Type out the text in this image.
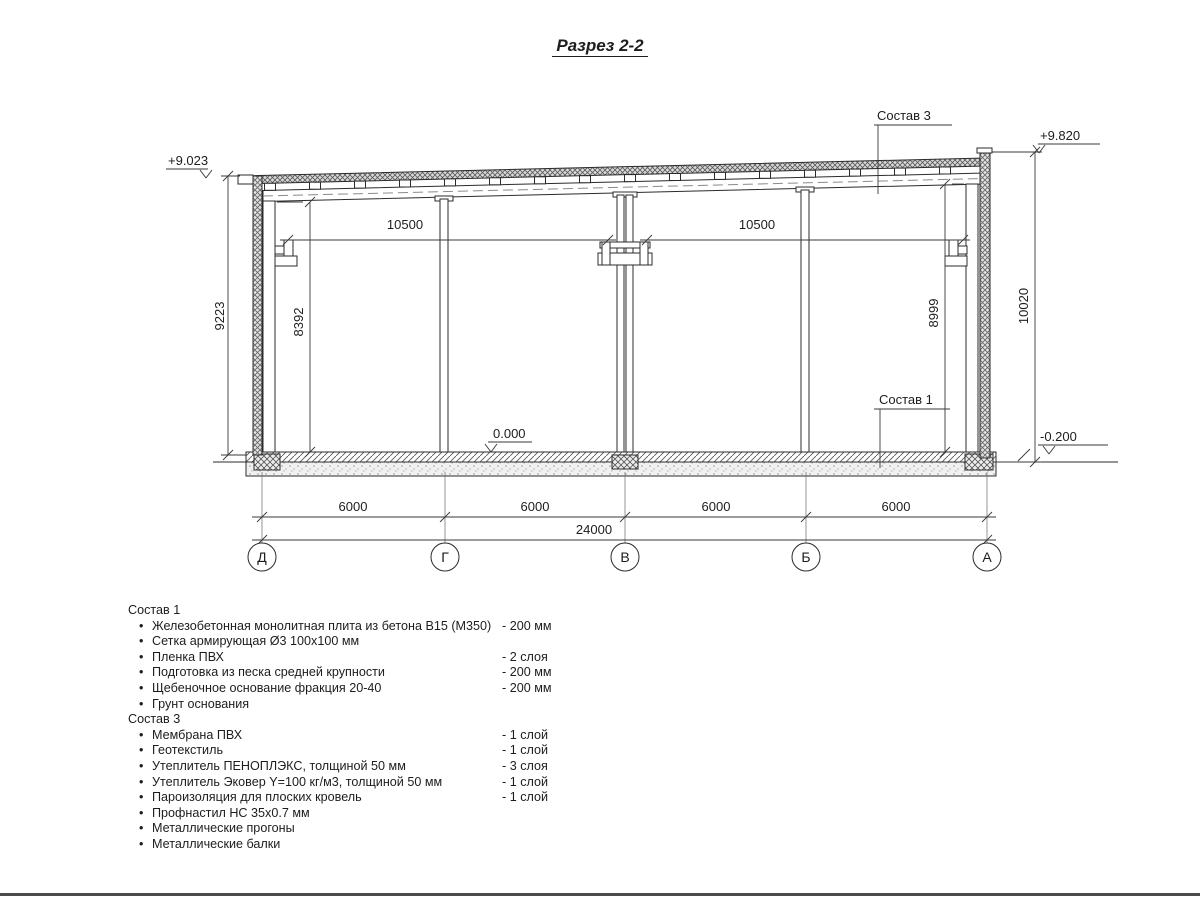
Разрез 2-2
Д	Г	В	Б	А
+9.023
+9.820
0.000	-0.200
Состав 3
Состав 1
10500	10500
9223	8392	8999	10020
6000	6000	6000	6000
24000
Состав 1
• Железобетонная монолитная плита из бетона В15 (М350) - 200 мм
• Сетка армирующая Ø3 100х100 мм
• Пленка ПВХ	- 2 слоя
• Подготовка из песка средней крупности	- 200 мм
• Щебеночное основание фракция 20-40	- 200 мм
• Грунт основания
Состав 3
• Мембрана ПВХ	- 1 слой
• Геотекстиль	- 1 слой
• Утеплитель ПЕНОПЛЭКС, толщиной 50 мм	- 3 слоя
• Утеплитель Эковер Y=100 кг/м3, толщиной 50 мм	- 1 слой
• Пароизоляция для плоских кровель	- 1 слой
• Профнастил НС 35х0.7 мм
• Металлические прогоны
• Металлические балки
